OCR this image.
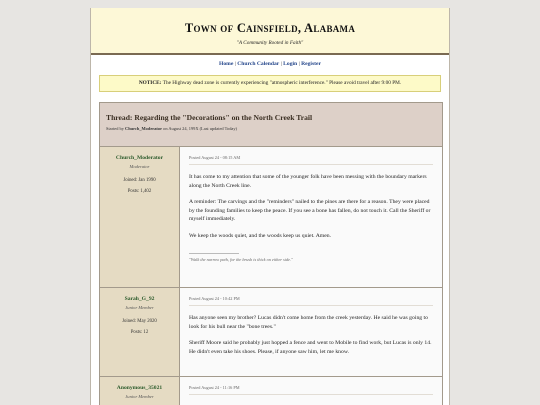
Town of Cainsfield, Alabama
"A Community Rooted in Faith"
Home | Church Calendar | Login | Register
NOTICE: The Highway dead zone is currently experiencing "atmospheric interference." Please avoid travel after 9:00 PM.
Thread: Regarding the "Decorations" on the North Creek Trail
Started by Church_Moderator on August 24, 199X (Last updated Today)
Church_Moderator
Moderator
Joined: Jan 1990
Posts: 1,402
Posted August 24 - 08:15 AM
It has come to my attention that some of the younger folk have been messing with the boundary markers along the North Creek line.
A reminder: The carvings and the "reminders" nailed to the pines are there for a reason. They were placed by the founding families to keep the peace. If you see a bone has fallen, do not touch it. Call the Sheriff or myself immediately.
We keep the woods quiet, and the woods keep us quiet. Amen.
"Walk the narrow path, for the brush is thick on either side."
Sarah_G_92
Junior Member
Joined: May 2020
Posts: 12
Posted August 24 - 10:42 PM
Has anyone seen my brother? Lucas didn't come home from the creek yesterday. He said he was going to look for his bull near the "bone trees."
Sheriff Moore said he probably just hopped a fence and went to Mobile to find work, but Lucas is only 14. He didn't even take his shoes. Please, if anyone saw him, let me know.
Anonymous_35021
Junior Member
Posted August 24 - 11:16 PM
